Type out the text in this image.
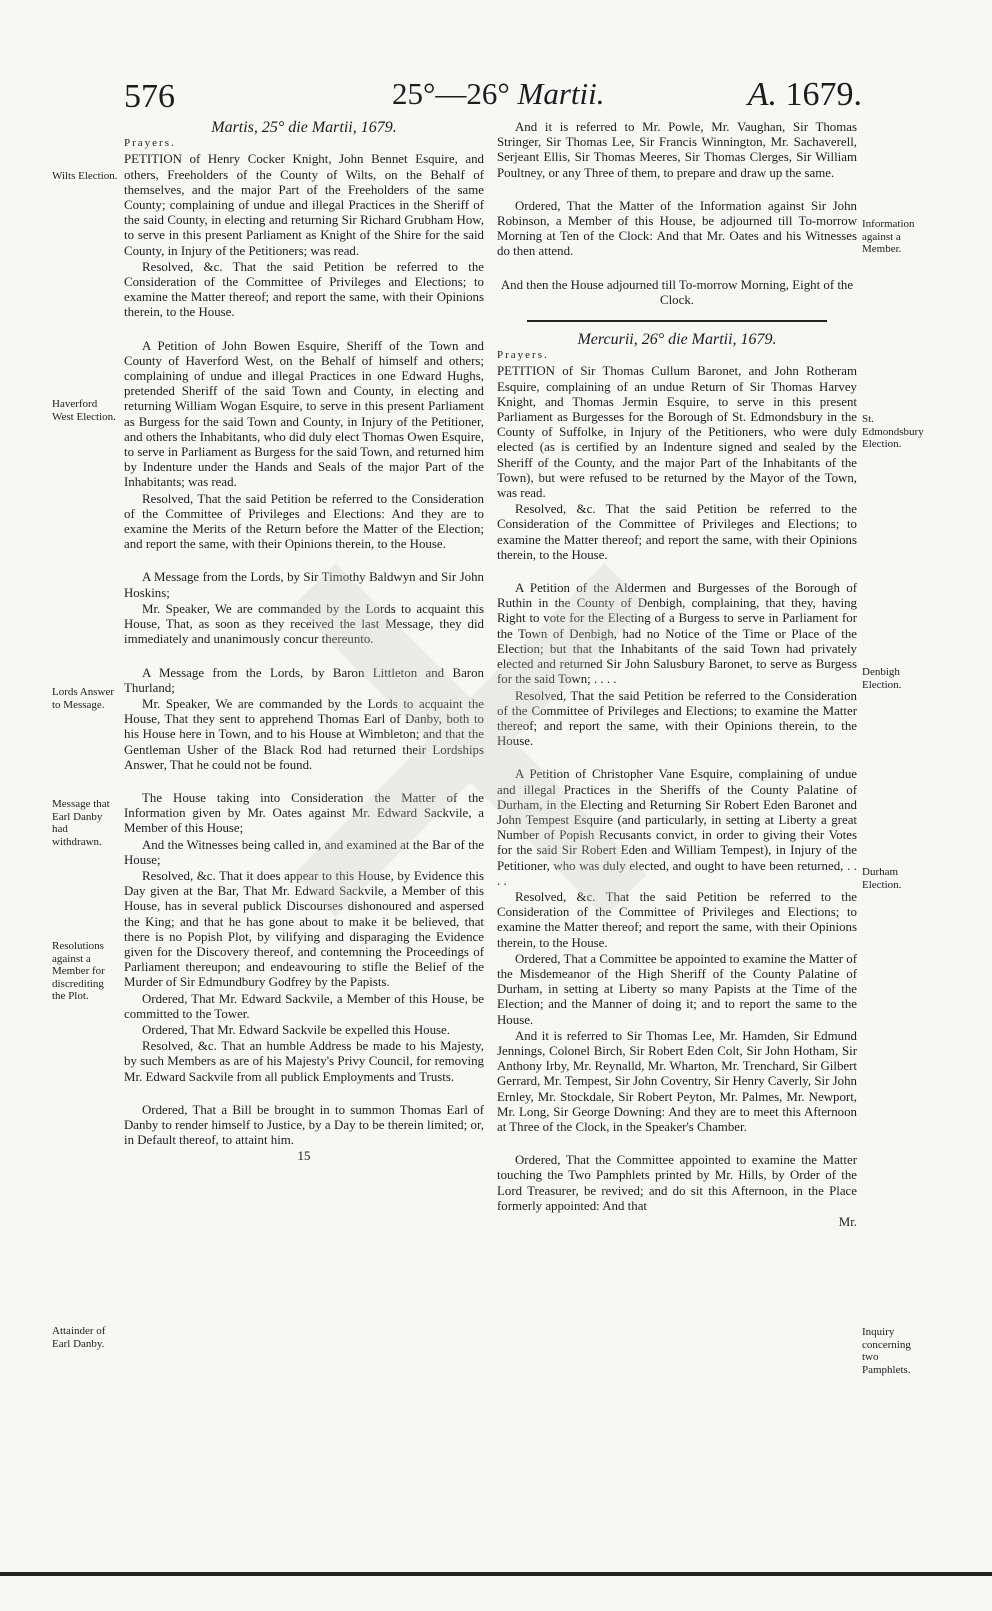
576	25°—26° Martii.	A. 1679.

Martis, 25° die Martii, 1679.

Prayers.

PETITION of Henry Cocker Knight, John Bennet Esquire, and others, Freeholders of the County of Wilts, on the Behalf of themselves, and the major Part of the Freeholders of the same County; complaining of undue and illegal Practices in the Sheriff of the said County, in electing and returning Sir Richard Grubham How, to serve in this present Parliament as Knight of the Shire for the said County, in Injury of the Petitioners; was read.

Resolved, &c. That the said Petition be referred to the Consideration of the Committee of Privileges and Elections; to examine the Matter thereof; and report the same, with their Opinions therein, to the House.

A Petition of John Bowen Esquire, Sheriff of the Town and County of Haverford West, on the Behalf of himself and others; complaining of undue and illegal Practices in one Edward Hughs, pretended Sheriff of the said Town and County, in electing and returning William Wogan Esquire, to serve in this present Parliament as Burgess for the said Town and County, in Injury of the Petitioner, and others the Inhabitants, who did duly elect Thomas Owen Esquire, to serve in Parliament as Burgess for the said Town, and returned him by Indenture under the Hands and Seals of the major Part of the Inhabitants; was read.

Resolved, That the said Petition be referred to the Consideration of the Committee of Privileges and Elections: And they are to examine the Merits of the Return before the Matter of the Election; and report the same, with their Opinions therein, to the House.

A Message from the Lords, by Sir Timothy Baldwyn and Sir John Hoskins;

Mr. Speaker, We are commanded by the Lords to acquaint this House, That, as soon as they received the last Message, they did immediately and unanimously concur thereunto.

A Message from the Lords, by Baron Littleton and Baron Thurland;

Mr. Speaker, We are commanded by the Lords to acquaint the House, That they sent to apprehend Thomas Earl of Danby, both to his House here in Town, and to his House at Wimbleton; and that the Gentleman Usher of the Black Rod had returned their Lordships Answer, That he could not be found.

The House taking into Consideration the Matter of the Information given by Mr. Oates against Mr. Edward Sackvile, a Member of this House;

And the Witnesses being called in, and examined at the Bar of the House;

Resolved, &c. That it does appear to this House, by Evidence this Day given at the Bar, That Mr. Edward Sackvile, a Member of this House, has in several publick Discourses dishonoured and aspersed the King; and that he has gone about to make it be believed, that there is no Popish Plot, by vilifying and disparaging the Evidence given for the Discovery thereof, and contemning the Proceedings of Parliament thereupon; and endeavouring to stifle the Belief of the Murder of Sir Edmundbury Godfrey by the Papists.

Ordered, That Mr. Edward Sackvile, a Member of this House, be committed to the Tower.

Ordered, That Mr. Edward Sackvile be expelled this House.

Resolved, &c. That an humble Address be made to his Majesty, by such Members as are of his Majesty's Privy Council, for removing Mr. Edward Sackvile from all publick Employments and Trusts.

Ordered, That a Bill be brought in to summon Thomas Earl of Danby to render himself to Justice, by a Day to be therein limited; or, in Default thereof, to attaint him.

15

And it is referred to Mr. Powle, Mr. Vaughan, Sir Thomas Stringer, Sir Thomas Lee, Sir Francis Winnington, Mr. Sachaverell, Serjeant Ellis, Sir Thomas Meeres, Sir Thomas Clerges, Sir William Poultney, or any Three of them, to prepare and draw up the same.

Ordered, That the Matter of the Information against Sir John Robinson, a Member of this House, be adjourned till To-morrow Morning at Ten of the Clock: And that Mr. Oates and his Witnesses do then attend.

And then the House adjourned till To-morrow Morning, Eight of the Clock.

Mercurii, 26° die Martii, 1679.

Prayers.

PETITION of Sir Thomas Cullum Baronet, and John Rotheram Esquire, complaining of an undue Return of Sir Thomas Harvey Knight, and Thomas Jermin Esquire, to serve in this present Parliament as Burgesses for the Borough of St. Edmondsbury in the County of Suffolke, in Injury of the Petitioners, who were duly elected (as is certified by an Indenture signed and sealed by the Sheriff of the County, and the major Part of the Inhabitants of the Town), but were refused to be returned by the Mayor of the Town, was read.

Resolved, &c. That the said Petition be referred to the Consideration of the Committee of Privileges and Elections; to examine the Matter thereof; and report the same, with their Opinions therein, to the House.

A Petition of the Aldermen and Burgesses of the Borough of Ruthin in the County of Denbigh, complaining, that they, having Right to vote for the Electing of a Burgess to serve in Parliament for the Town of Denbigh, had no Notice of the Time or Place of the Election; but that the Inhabitants of the said Town had privately elected and returned Sir John Salusbury Baronet, to serve as Burgess for the said Town; . . . .

Resolved, That the said Petition be referred to the Consideration of the Committee of Privileges and Elections; to examine the Matter thereof; and report the same, with their Opinions therein, to the House.

A Petition of Christopher Vane Esquire, complaining of undue and illegal Practices in the Sheriffs of the County Palatine of Durham, in the Electing and Returning Sir Robert Eden Baronet and John Tempest Esquire (and particularly, in setting at Liberty a great Number of Popish Recusants convict, in order to giving their Votes for the said Sir Robert Eden and William Tempest), in Injury of the Petitioner, who was duly elected, and ought to have been returned, . . . .

Resolved, &c. That the said Petition be referred to the Consideration of the Committee of Privileges and Elections; to examine the Matter thereof; and report the same, with their Opinions therein, to the House.

Ordered, That a Committee be appointed to examine the Matter of the Misdemeanor of the High Sheriff of the County Palatine of Durham, in setting at Liberty so many Papists at the Time of the Election; and the Manner of doing it; and to report the same to the House.

And it is referred to Sir Thomas Lee, Mr. Hamden, Sir Edmund Jennings, Colonel Birch, Sir Robert Eden Colt, Sir John Hotham, Sir Anthony Irby, Mr. Reynalld, Mr. Wharton, Mr. Trenchard, Sir Gilbert Gerrard, Mr. Tempest, Sir John Coventry, Sir Henry Caverly, Sir John Ernley, Mr. Stockdale, Sir Robert Peyton, Mr. Palmes, Mr. Newport, Mr. Long, Sir George Downing: And they are to meet this Afternoon at Three of the Clock, in the Speaker's Chamber.

Ordered, That the Committee appointed to examine the Matter touching the Two Pamphlets printed by Mr. Hills, by Order of the Lord Treasurer, be revived; and do sit this Afternoon, in the Place formerly appointed: And that

Mr.

Wilts Election.
Haverford West Election.
Lords Answer to Message.
Message that Earl Danby had withdrawn.
Resolutions against a Member for discrediting the Plot.
Attainder of Earl Danby.
Information against a Member.
St. Edmondsbury Election.
Denbigh Election.
Durham Election.
Inquiry concerning two Pamphlets.
